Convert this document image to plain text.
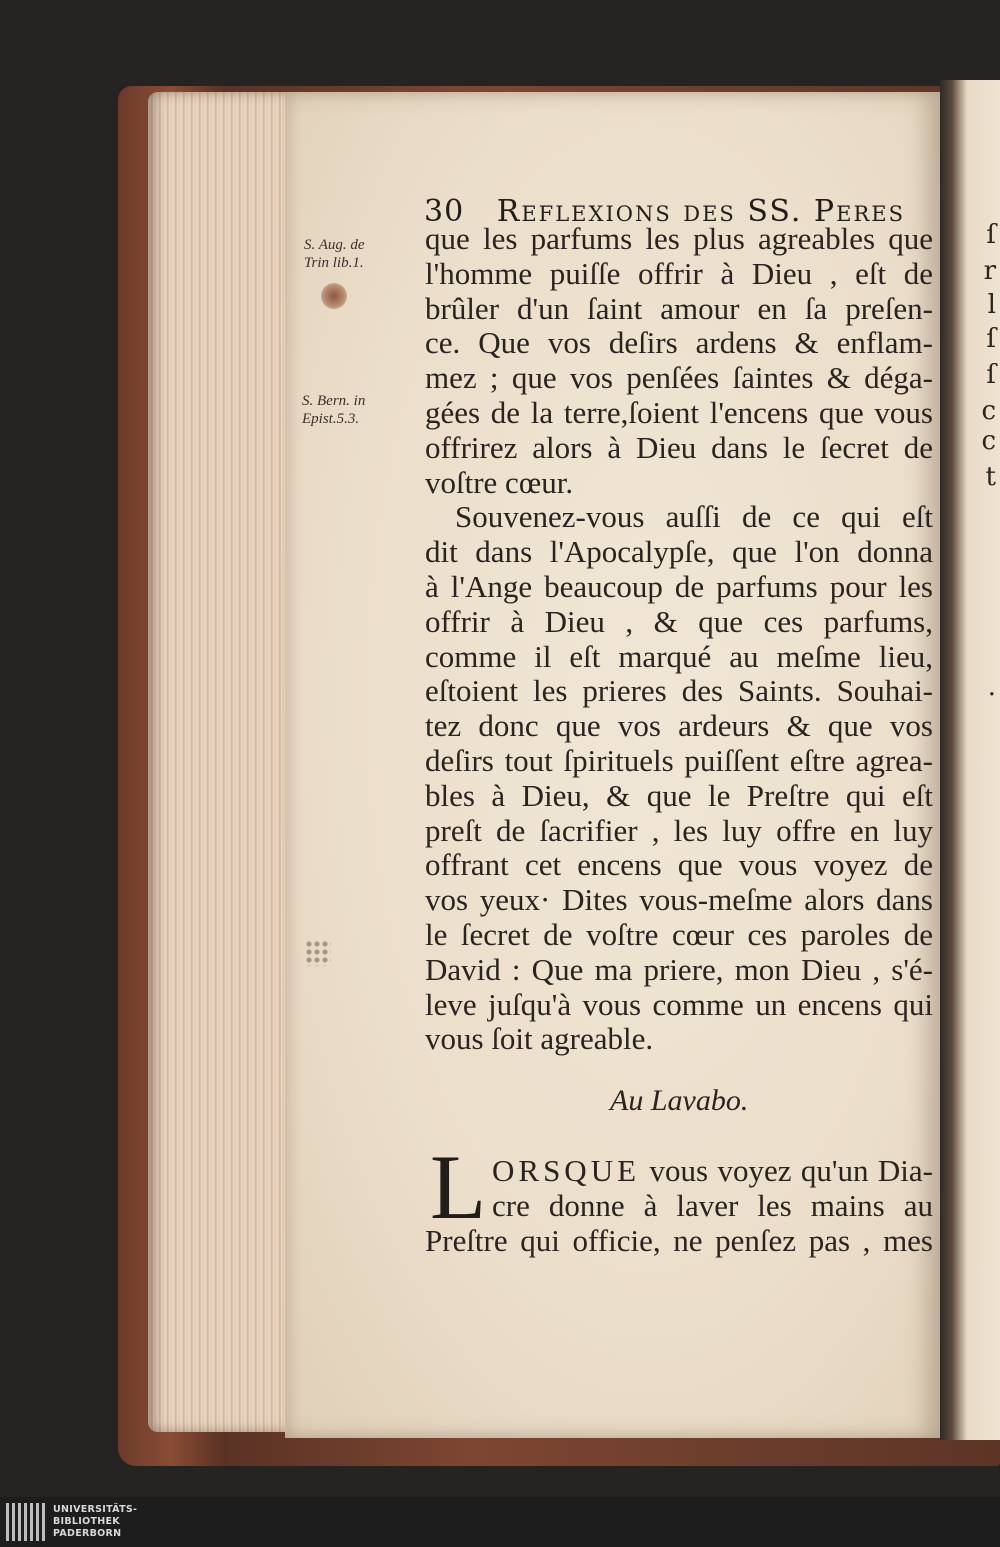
ſ
r
l
ſ
ſ
c
c
t
·
30 Reflexions des SS. Peres
S. Aug. de
Trin lib.1.
S. Bern. in
Epist.5.3.
que les parfums les plus agreables que
l'homme puiſſe offrir à Dieu , eſt de
brûler d'un ſaint amour en ſa preſen-
ce. Que vos deſirs ardens & enflam-
mez ; que vos penſées ſaintes & déga-
gées de la terre,ſoient l'encens que vous
offrirez alors à Dieu dans le ſecret de
voſtre cœur.
Souvenez-vous auſſi de ce qui eſt
dit dans l'Apocalypſe, que l'on donna
à l'Ange beaucoup de parfums pour les
offrir à Dieu , & que ces parfums,
comme il eſt marqué au meſme lieu,
eſtoient les prieres des Saints. Souhai-
tez donc que vos ardeurs & que vos
deſirs tout ſpirituels puiſſent eſtre agrea-
bles à Dieu, & que le Preſtre qui eſt
preſt de ſacrifier , les luy offre en luy
offrant cet encens que vous voyez de
vos yeux· Dites vous-meſme alors dans
le ſecret de voſtre cœur ces paroles de
David : Que ma priere, mon Dieu , s'é-
leve juſqu'à vous comme un encens qui
vous ſoit agreable.
Au Lavabo.
L ORSQUE vous voyez qu'un Dia-
cre donne à laver les mains au
Preſtre qui officie, ne penſez pas , mes
UNIVERSITÄTS-
BIBLIOTHEK
PADERBORN
